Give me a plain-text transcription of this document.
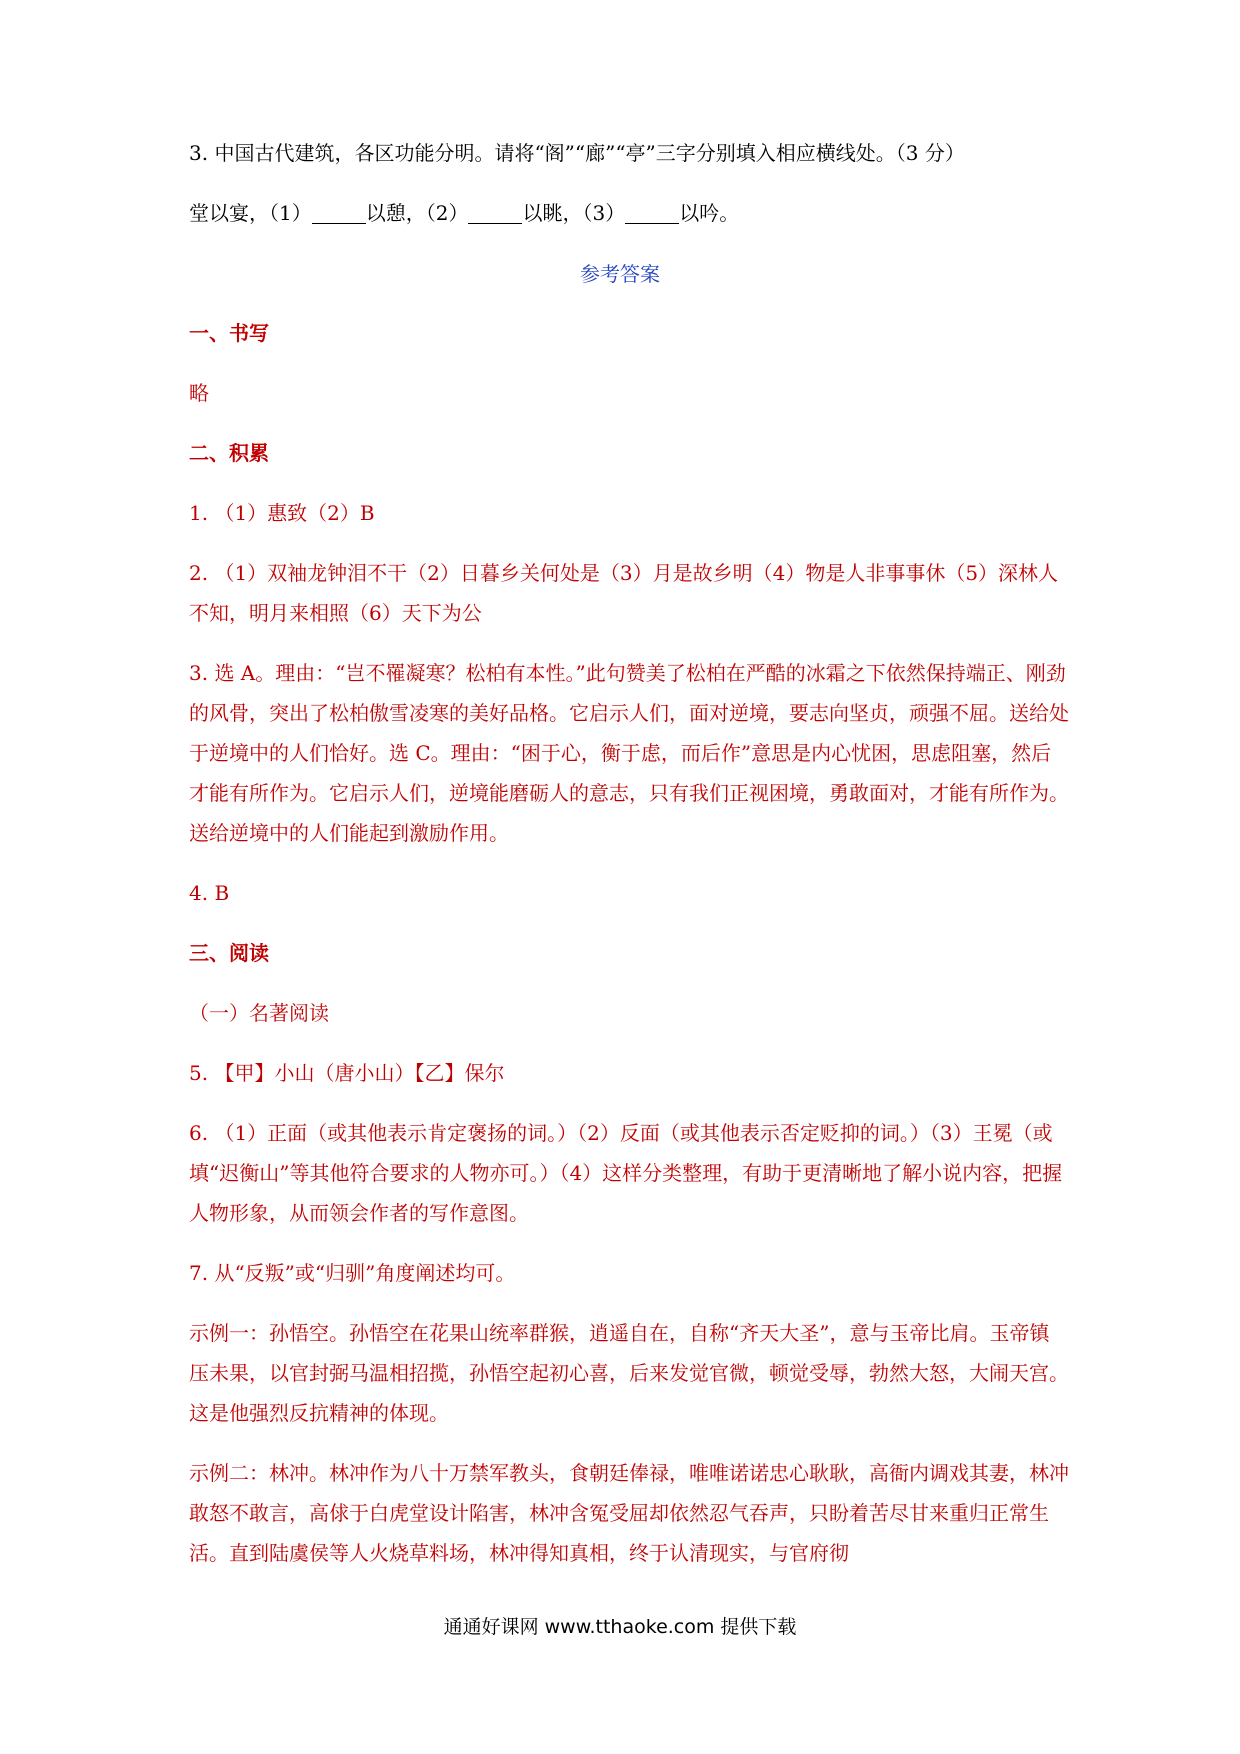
3. 中国古代建筑，各区功能分明。请将“阁”“廊”“亭”三字分别填入相应横线处。（3 分）
堂以宴，（1）	以憩，（2）	以眺，（3）	以吟。
参考答案
一、书写
略
二、积累
1. （1）惠致（2）B
2. （1）双袖龙钟泪不干（2）日暮乡关何处是（3）月是故乡明（4）物是人非事事休（5）深林人不知，明月来相照（6）天下为公
3. 选 A。理由：“岂不罹凝寒？松柏有本性。”此句赞美了松柏在严酷的冰霜之下依然保持端正、刚劲的风骨，突出了松柏傲雪凌寒的美好品格。它启示人们，面对逆境，要志向坚贞，顽强不屈。送给处于逆境中的人们恰好。选 C。理由：“困于心，衡于虑，而后作”意思是内心忧困，思虑阻塞，然后才能有所作为。它启示人们，逆境能磨砺人的意志，只有我们正视困境，勇敢面对，才能有所作为。送给逆境中的人们能起到激励作用。
4. B
三、阅读
（一）名著阅读
5. 【甲】小山（唐小山）【乙】保尔
6. （1）正面（或其他表示肯定褒扬的词。）（2）反面（或其他表示否定贬抑的词。）（3）王冕（或填“迟衡山”等其他符合要求的人物亦可。）（4）这样分类整理，有助于更清晰地了解小说内容，把握人物形象，从而领会作者的写作意图。
7. 从“反叛”或“归驯”角度阐述均可。
示例一：孙悟空。孙悟空在花果山统率群猴，逍遥自在，自称“齐天大圣”，意与玉帝比肩。玉帝镇压未果，以官封弼马温相招揽，孙悟空起初心喜，后来发觉官微，顿觉受辱，勃然大怒，大闹天宫。这是他强烈反抗精神的体现。
示例二：林冲。林冲作为八十万禁军教头，食朝廷俸禄，唯唯诺诺忠心耿耿，高衙内调戏其妻，林冲敢怒不敢言，高俅于白虎堂设计陷害，林冲含冤受屈却依然忍气吞声，只盼着苦尽甘来重归正常生活。直到陆虞侯等人火烧草料场，林冲得知真相，终于认清现实，与官府彻
通通好课网 www.tthaoke.com 提供下载
